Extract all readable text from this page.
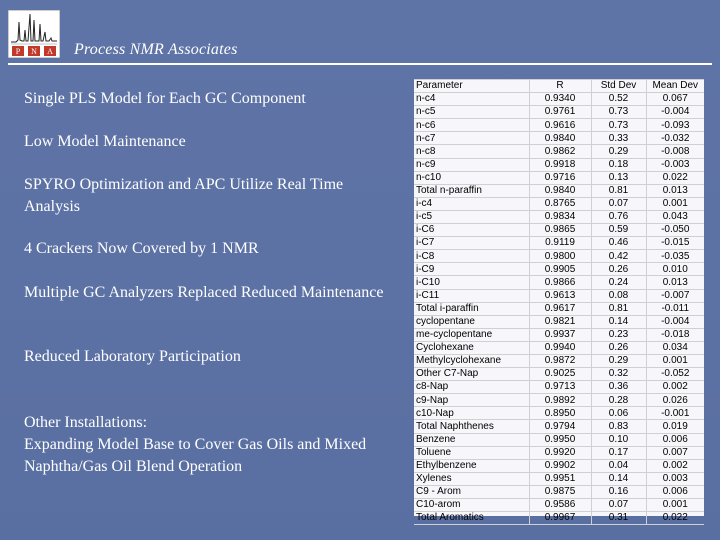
P N A Process NMR Associates
Single PLS Model for Each GC Component
Low Model Maintenance
SPYRO Optimization and APC Utilize Real Time Analysis
4 Crackers Now Covered by 1 NMR
Multiple GC Analyzers Replaced Reduced Maintenance
Reduced Laboratory Participation
Other Installations:
Expanding Model Base to Cover Gas Oils and Mixed Naphtha/Gas Oil Blend Operation
Parameter	R	Std Dev	Mean Dev
n-c4	0.9340	0.52	0.067
n-c5	0.9761	0.73	-0.004
n-c6	0.9616	0.73	-0.093
n-c7	0.9840	0.33	-0.032
n-c8	0.9862	0.29	-0.008
n-c9	0.9918	0.18	-0.003
n-c10	0.9716	0.13	0.022
Total n-paraffin	0.9840	0.81	0.013
i-c4	0.8765	0.07	0.001
i-c5	0.9834	0.76	0.043
i-C6	0.9865	0.59	-0.050
i-C7	0.9119	0.46	-0.015
i-C8	0.9800	0.42	-0.035
i-C9	0.9905	0.26	0.010
i-C10	0.9866	0.24	0.013
i-C11	0.9613	0.08	-0.007
Total i-paraffin	0.9617	0.81	-0.011
cyclopentane	0.9821	0.14	-0.004
me-cyclopentane	0.9937	0.23	-0.018
Cyclohexane	0.9940	0.26	0.034
Methylcyclohexane	0.9872	0.29	0.001
Other C7-Nap	0.9025	0.32	-0.052
c8-Nap	0.9713	0.36	0.002
c9-Nap	0.9892	0.28	0.026
c10-Nap	0.8950	0.06	-0.001
Total Naphthenes	0.9794	0.83	0.019
Benzene	0.9950	0.10	0.006
Toluene	0.9920	0.17	0.007
Ethylbenzene	0.9902	0.04	0.002
Xylenes	0.9951	0.14	0.003
C9 - Arom	0.9875	0.16	0.006
C10-arom	0.9586	0.07	0.001
Total Aromatics	0.9967	0.31	0.022
